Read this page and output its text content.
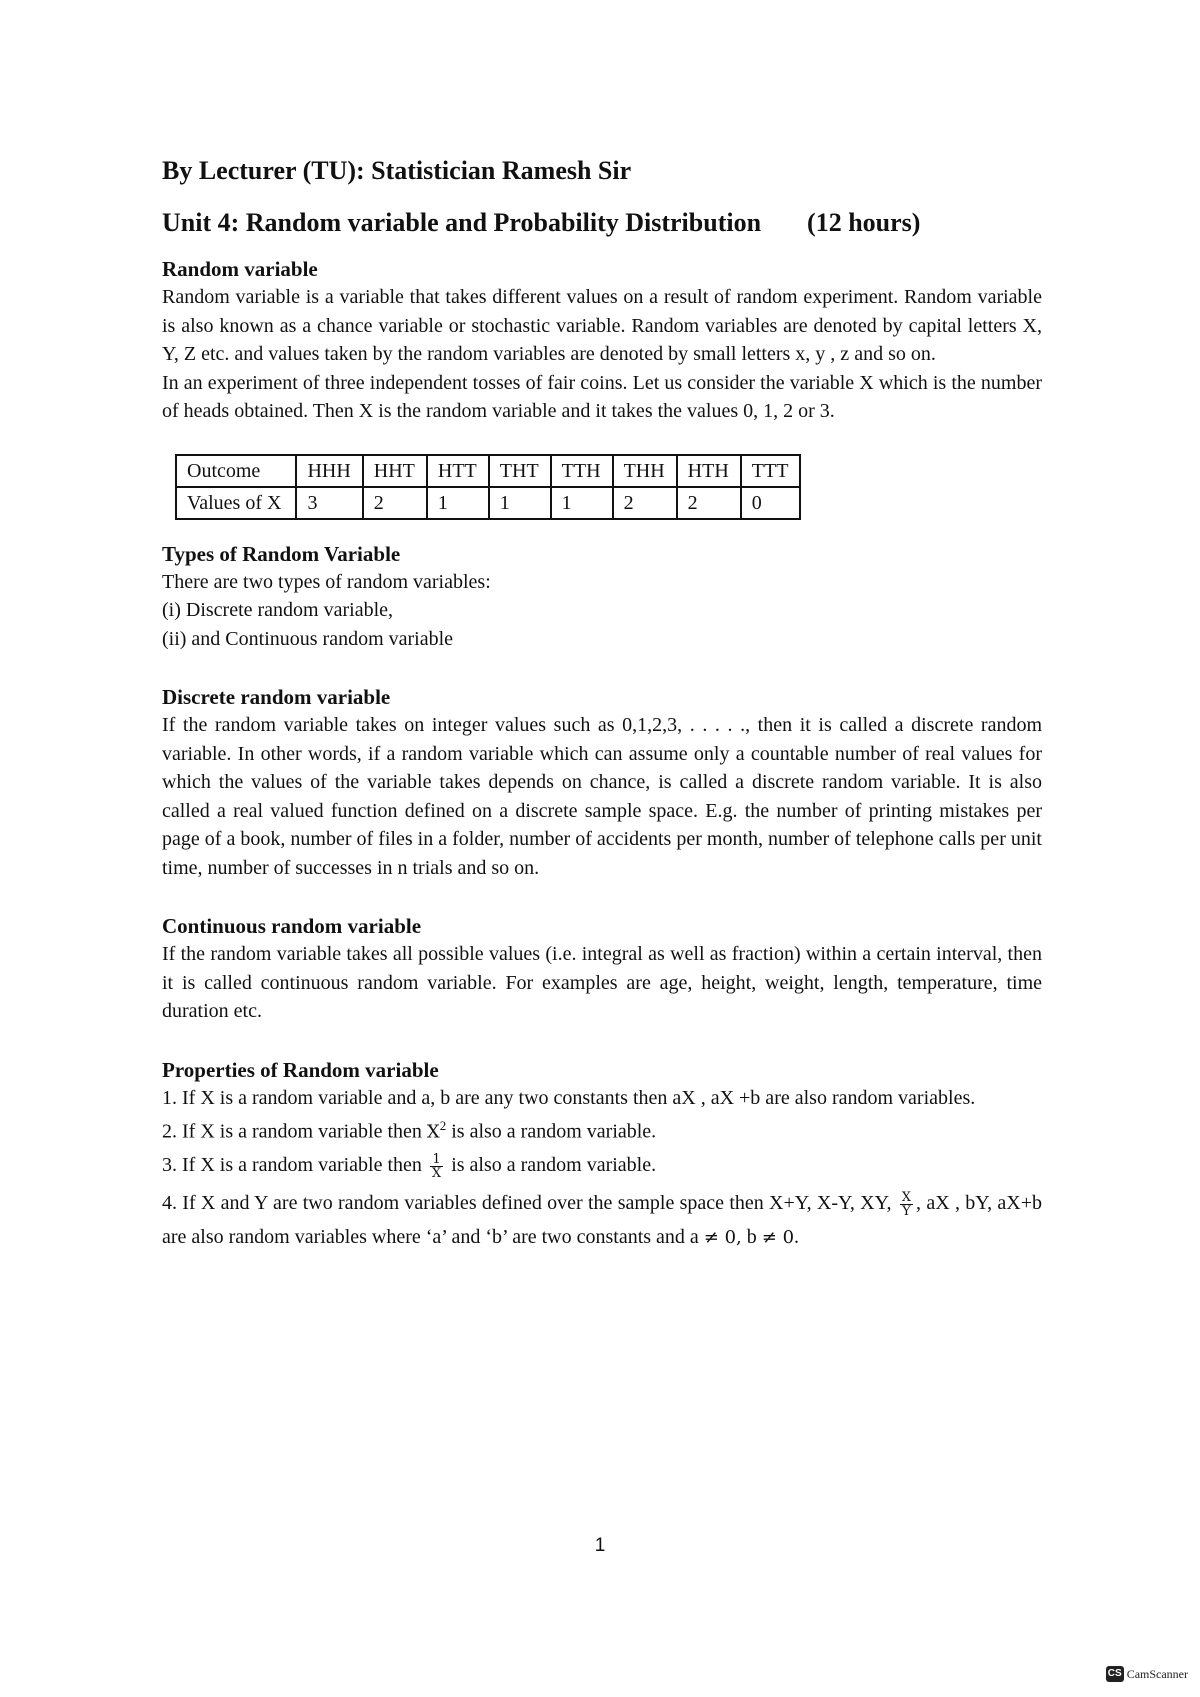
By Lecturer (TU): Statistician Ramesh Sir
Unit 4: Random variable and Probability Distribution (12 hours)
Random variable

Random variable is a variable that takes different values on a result of random experiment. Random variable is also known as a chance variable or stochastic variable. Random variables are denoted by capital letters X, Y, Z etc. and values taken by the random variables are denoted by small letters x, y , z and so on.

In an experiment of three independent tosses of fair coins. Let us consider the variable X which is the number of heads obtained. Then X is the random variable and it takes the values 0, 1, 2 or 3.

Outcome	HHH	HHT	HTT	THT	TTH	THH	HTH	TTT
Values of X	3	2	1	1	1	2	2	0
Types of Random Variable
There are two types of random variables:
(i) Discrete random variable,
(ii) and Continuous random variable
Discrete random variable

If the random variable takes on integer values such as 0,1,2,3, . . . . ., then it is called a discrete random variable. In other words, if a random variable which can assume only a countable number of real values for which the values of the variable takes depends on chance, is called a discrete random variable. It is also called a real valued function defined on a discrete sample space. E.g. the number of printing mistakes per page of a book, number of files in a folder, number of accidents per month, number of telephone calls per unit time, number of successes in n trials and so on.

Continuous random variable

If the random variable takes all possible values (i.e. integral as well as fraction) within a certain interval, then it is called continuous random variable. For examples are age, height, weight, length, temperature, time duration etc.

Properties of Random variable

1. If X is a random variable and a, b are any two constants then aX , aX +b are also random variables.

2. If X is a random variable then $X^2$ is also a random variable.

3. If X is a random variable then $\frac{1}{X}$ is also a random variable.

4. If X and Y are two random variables defined over the sample space then X+Y, X-Y, XY, $\frac{X}{Y}$ , aX , bY, aX+b are also random variables where ‘a’ and ‘b’ are two constants and a ≠ 0, b ≠ 0.

1
CS CamScanner
